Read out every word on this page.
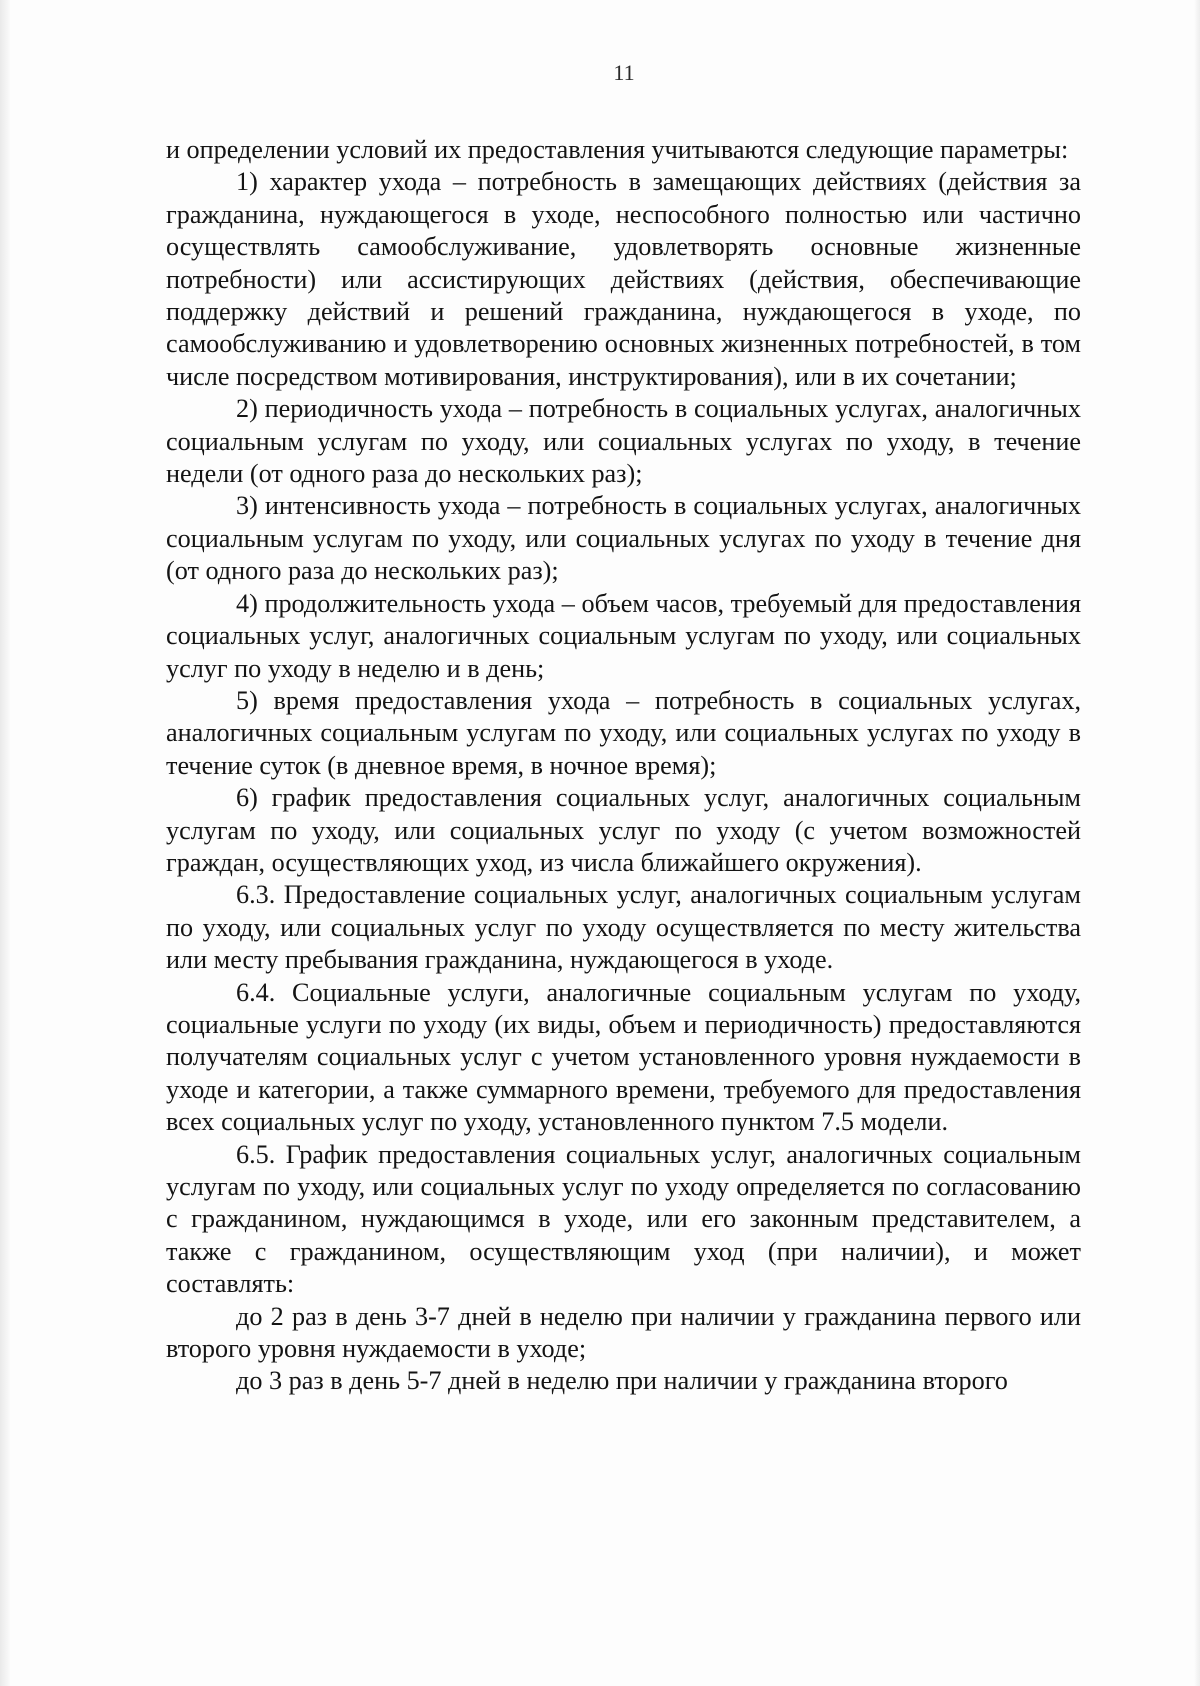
11

и определении условий их предоставления учитываются следующие параметры:

1) характер ухода – потребность в замещающих действиях (действия за гражданина, нуждающегося в уходе, неспособного полностью или частично осуществлять самообслуживание, удовлетворять основные жизненные потребности) или ассистирующих действиях (действия, обеспечивающие поддержку действий и решений гражданина, нуждающегося в уходе, по самообслуживанию и удовлетворению основных жизненных потребностей, в том числе посредством мотивирования, инструктирования), или в их сочетании;

2) периодичность ухода – потребность в социальных услугах, аналогичных социальным услугам по уходу, или социальных услугах по уходу, в течение недели (от одного раза до нескольких раз);

3) интенсивность ухода – потребность в социальных услугах, аналогичных социальным услугам по уходу, или социальных услугах по уходу в течение дня (от одного раза до нескольких раз);

4) продолжительность ухода – объем часов, требуемый для предоставления социальных услуг, аналогичных социальным услугам по уходу, или социальных услуг по уходу в неделю и в день;

5) время предоставления ухода – потребность в социальных услугах, аналогичных социальным услугам по уходу, или социальных услугах по уходу в течение суток (в дневное время, в ночное время);

6) график предоставления социальных услуг, аналогичных социальным услугам по уходу, или социальных услуг по уходу (с учетом возможностей граждан, осуществляющих уход, из числа ближайшего окружения).

6.3. Предоставление социальных услуг, аналогичных социальным услугам по уходу, или социальных услуг по уходу осуществляется по месту жительства или месту пребывания гражданина, нуждающегося в уходе.

6.4. Социальные услуги, аналогичные социальным услугам по уходу, социальные услуги по уходу (их виды, объем и периодичность) предоставляются получателям социальных услуг с учетом установленного уровня нуждаемости в уходе и категории, а также суммарного времени, требуемого для предоставления всех социальных услуг по уходу, установленного пунктом 7.5 модели.

6.5. График предоставления социальных услуг, аналогичных социальным услугам по уходу, или социальных услуг по уходу определяется по согласованию с гражданином, нуждающимся в уходе, или его законным представителем, а также с гражданином, осуществляющим уход (при наличии), и может составлять:

до 2 раз в день 3-7 дней в неделю при наличии у гражданина первого или второго уровня нуждаемости в уходе;

до 3 раз в день 5-7 дней в неделю при наличии у гражданина второго
